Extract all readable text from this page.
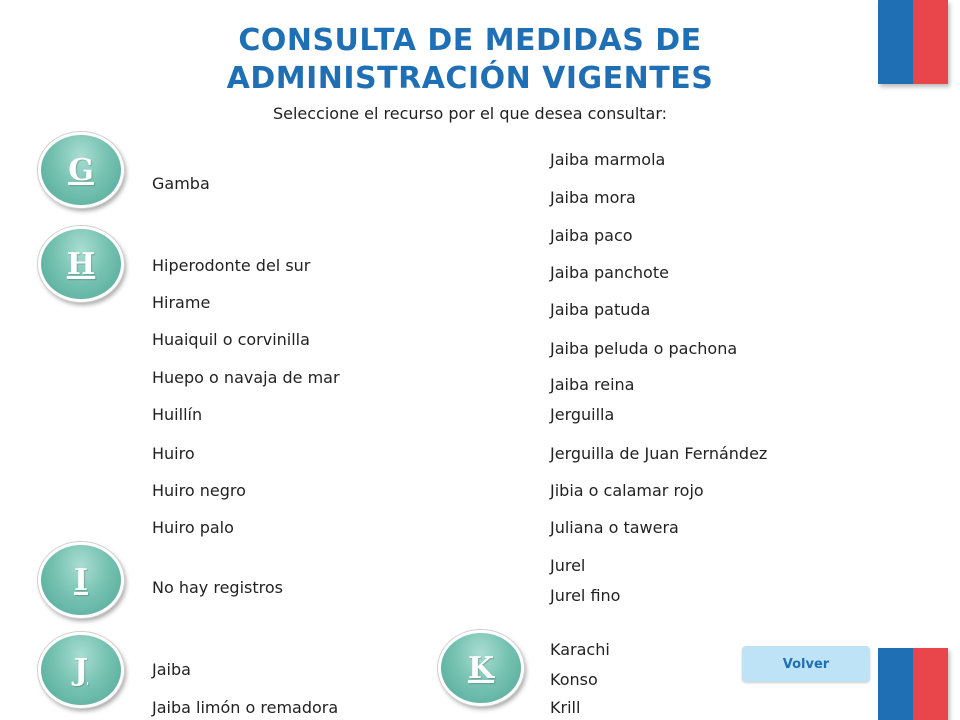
CONSULTA DE MEDIDAS DE
ADMINISTRACIÓN VIGENTES
Seleccione el recurso por el que desea consultar:
G
H
I
J	K
Gamba
Hiperodonte del sur
Hirame
Huaiquil o corvinilla
Huepo o navaja de mar
Huillín
Huiro
Huiro negro
Huiro palo
No hay registros
Jaiba
Jaiba limón o remadora
Jaiba marmola
Jaiba mora
Jaiba paco
Jaiba panchote
Jaiba patuda
Jaiba peluda o pachona
Jaiba reina
Jerguilla
Jerguilla de Juan Fernández
Jibia o calamar rojo
Juliana o tawera
Jurel
Jurel fino
Karachi
Konso
Krill
Volver
